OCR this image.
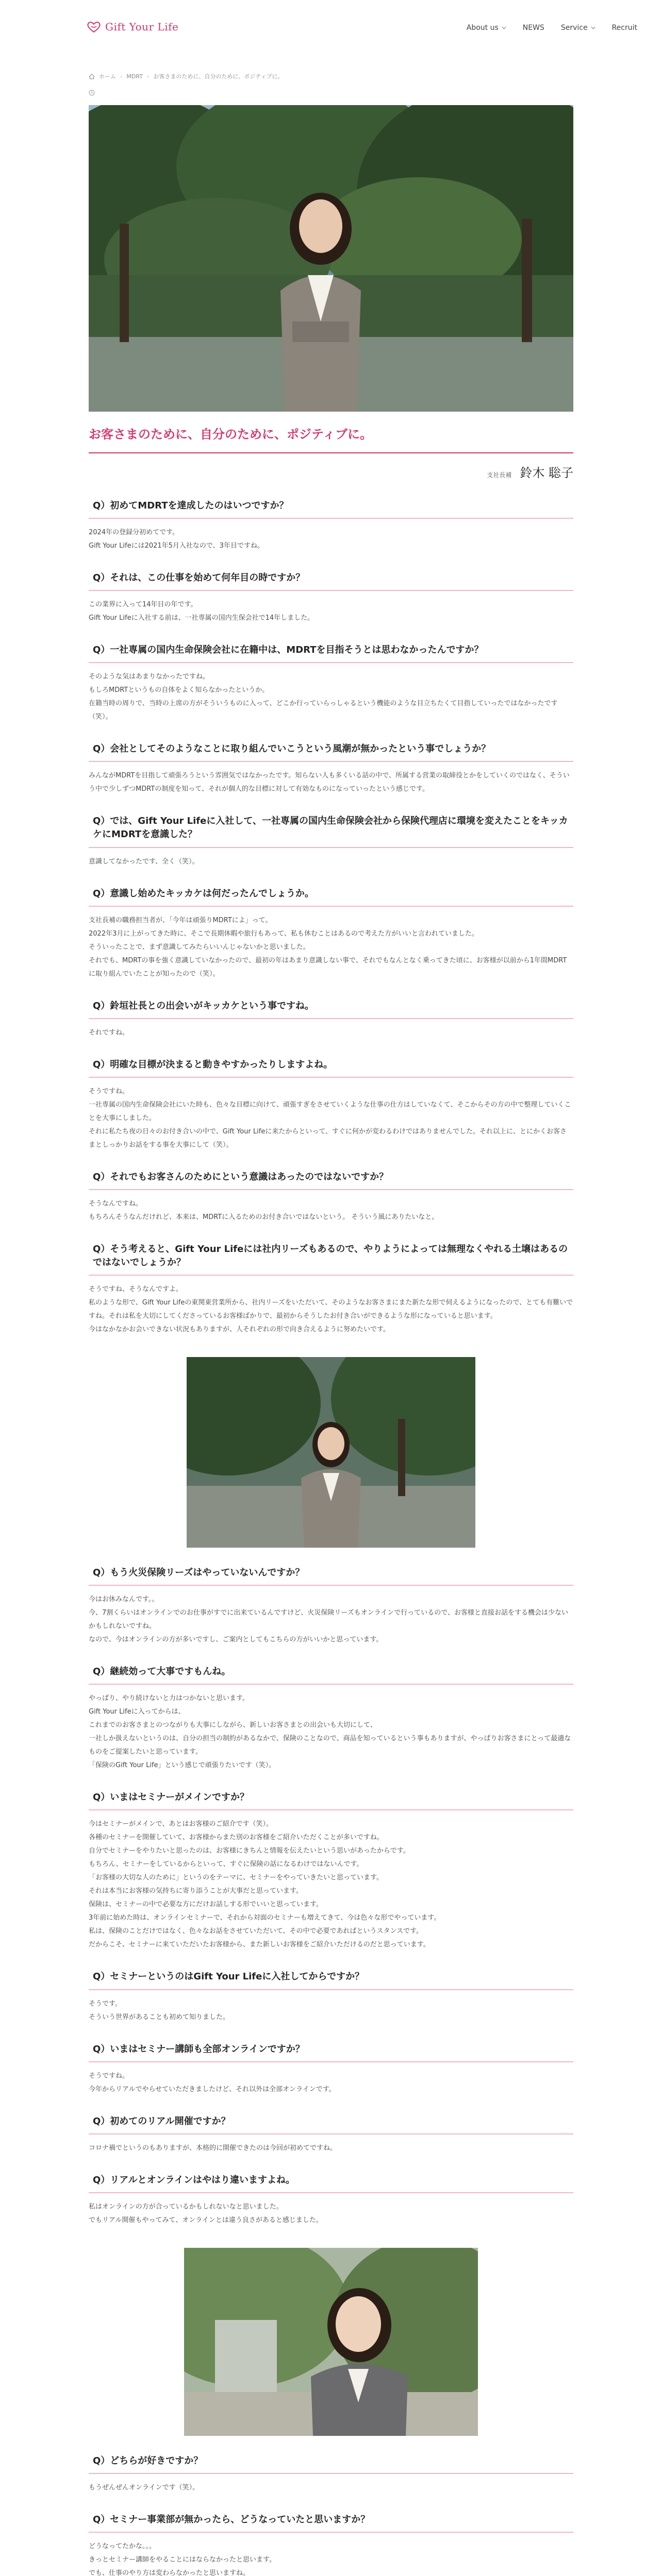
Gift Your Life	About us	NEWS Service	Recruit
ホーム › MDRT › お客さまのために、自分のために、ポジティブに。
お客さまのために、自分のために、ポジティブに。
支社長補 鈴木 聡子
Q）初めてMDRTを達成したのはいつですか？

2024年の登録分初めてです。

Gift Your Lifeには2021年5月入社なので、3年目ですね。

Q）それは、この仕事を始めて何年目の時ですか？

この業界に入って14年目の年です。

Gift Your Lifeに入社する前は、一社専属の国内生保会社で14年しました。

Q）一社専属の国内生命保険会社に在籍中は、MDRTを目指そうとは思わなかったんですか？

そのような気はあまりなかったですね。

もしろMDRTというもの自体をよく知らなかったというか。

在籍当時の周りで、当時の上席の方がそういうものに入って、どこか行っていらっしゃるという機能のような目立ちたくて目指していったではなかったです（笑）。

Q）会社としてそのようなことに取り組んでいこうという風潮が無かったという事でしょうか？

みんながMDRTを目指して頑張ろうという雰囲気ではなかったです。知らない人も多くいる話の中で、所属する営業の取締役とかをしていくのではなく、そういう中で少しずつMDRTの制度を知って、それが個人的な目標に対して有効なものになっていったという感じです。

Q）では、Gift Your Lifeに入社して、一社専属の国内生命保険会社から保険代理店に環境を変えたことをキッカケにMDRTを意識した？

意識してなかったです、全く（笑）。

Q）意識し始めたキッカケは何だったんでしょうか。

支社長補の職務担当者が、「今年は頑張りMDRTによ」って。

2022年3月に上がってきた時に、そこで長期休暇や旅行もあって、私も休むことはあるので考えた方がいいと言われていました。

そういったことで、まず意識してみたらいいんじゃないかと思いました。

それでも、MDRTの事を強く意識していなかったので、最初の年はあまり意識しない事で、それでもなんとなく乗ってきた頃に、お客様が以前から1年間MDRTに取り組んでいたことが知ったので（笑）。

Q）鈴垣社長との出会いがキッカケという事ですね。

それですね。

Q）明確な目標が決まると動きやすかったりしますよね。

そうですね。

一社専属の国内生命保険会社にいた時も、色々な目標に向けて、頑張すぎをさせていくような仕事の仕方はしていなくて、そこからその方の中で整理していくことを大事にしました。

それに私たち夜の日々のお付き合いの中で、Gift Your Lifeに来たからといって、すぐに何かが変わるわけではありませんでした。それ以上に、とにかくお客さまとしっかりお話をする事を大事にして（笑）。

Q）それでもお客さんのためにという意識はあったのではないですか？

そうなんですね。

もちろんそうなんだけれど、本来は、MDRTに入るためのお付き合いではないという。 そういう風にありたいなと。

Q）そう考えると、Gift Your Lifeには社内リーズもあるので、やりようによっては無理なくやれる土壌はあるのではないでしょうか？

そうですね、そうなんですよ。

私のような形で、Gift Your Lifeの東関東営業所から、社内リーズをいただいて、そのようなお客さまにまた新たな形で伺えるようになったので、とても有難いですね。それは私を大切にしてくださっているお客様ばかりで、最初からそうしたお付き合いができるような形になっていると思います。

今はなかなかお会いできない状況もありますが、人それぞれの形で向き合えるように努めたいです。

Q）もう火災保険リーズはやっていないんですか？

今はお休みなんです。。

今、7割くらいはオンラインでのお仕事がすでに出来ているんですけど、火災保険リーズもオンラインで行っているので、お客様と直接お話をする機会は少ないかもしれないですね。

なので、今はオンラインの方が多いですし、ご案内としてもこちらの方がいいかと思っています。

Q）継続効って大事ですもんね。

やっぱり、やり続けないと力はつかないと思います。

Gift Your Lifeに入ってからは、

これまでのお客さまとのつながりも大事にしながら、新しいお客さまとの出会いも大切にして、

一社しか扱えないというのは、自分の担当の制約があるなかで、保険のことなので、商品を知っているという事もありますが、やっぱりお客さまにとって最適なものをご提案したいと思っています。

「保険のGift Your Life」という感じで頑張りたいです（笑）。

Q）いまはセミナーがメインですか？

今はセミナーがメインで、あとはお客様のご紹介です（笑）。

各種のセミナーを開催していて、お客様からまた別のお客様をご紹介いただくことが多いですね。

自分でセミナーをやりたいと思ったのは、お客様にきちんと情報を伝えたいという思いがあったからです。

もちろん、セミナーをしているからといって、すぐに保険の話になるわけではないんです。

「お客様の大切な人のために」というのをテーマに、セミナーをやっていきたいと思っています。

それは本当にお客様の気持ちに寄り添うことが大事だと思っています。

保険は、セミナーの中で必要な方にだけお話しする形でいいと思っています。

3年前に始めた時は、オンラインセミナーで、それから対面のセミナーも増えてきて、今は色々な形でやっています。

私は、保険のことだけではなく、色々なお話をさせていただいて、その中で必要であればというスタンスです。

だからこそ、セミナーに来ていただいたお客様から、また新しいお客様をご紹介いただけるのだと思っています。

Q）セミナーというのはGift Your Lifeに入社してからですか？

そうです。

そういう世界があることも初めて知りました。

Q）いまはセミナー講師も全部オンラインですか？

そうですね。

今年からリアルでやらせていただきましたけど、それ以外は全部オンラインです。

Q）初めてのリアル開催ですか？

コロナ禍でというのもありますが、本格的に開催できたのは今回が初めてですね。

Q）リアルとオンラインはやはり違いますよね。

私はオンラインの方が合っているかもしれないなと思いました。

でもリアル開催もやってみて、オンラインとは違う良さがあると感じました。

Q）どちらが好きですか？

もうぜんぜんオンラインです（笑）。

Q）セミナー事業部が無かったら、どうなっていたと思いますか？

どうなってたかな。。。

きっとセミナー講師をやることにはならなかったと思います。

でも、仕事のやり方は変わらなかったと思いますね。
